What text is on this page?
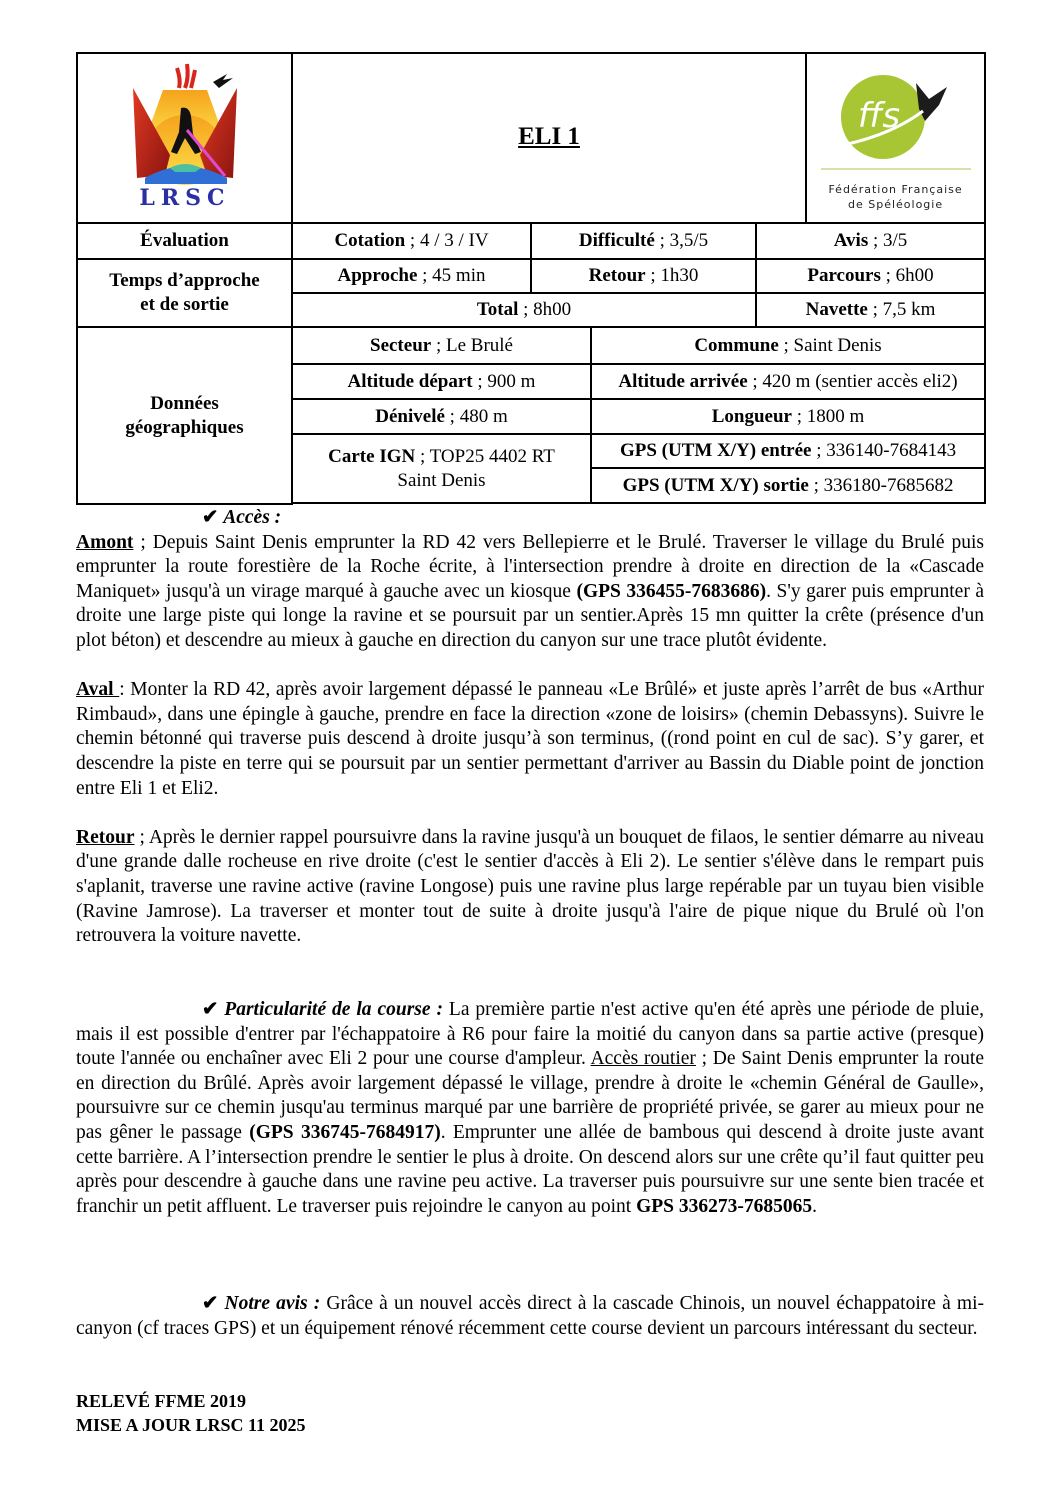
LRSC	ELI 1				ffs
Fédération Française
de Spéléologie

Évaluation	Cotation ; 4 / 3 / IV	Difficulté ; 3,5/5		Avis ; 3/5	

Temps d’approche
et de sortie	Approche ; 45 min	Retour ; 1h30		Parcours ; 6h00	
	Total ; 8h00			Navette ; 7,5 km	

Données
géographiques	Secteur ; Le Brulé		Commune ; Saint Denis		
	Altitude départ ; 900 m		Altitude arrivée ; 420 m (sentier accès eli2)		
	Dénivelé ; 480 m		Longueur ; 1800 m		

	Carte IGN ; TOP25 4402 RT
Saint Denis		GPS (UTM X/Y) entrée ; 336140-7684143		
			GPS (UTM X/Y) sortie ; 336180-7685682		

✔ Accès :

Amont ; Depuis Saint Denis emprunter la RD 42 vers Bellepierre et le Brulé. Traverser le village du Brulé puis emprunter la route forestière de la Roche écrite, à l'intersection prendre à droite en direction de la «Cascade Maniquet» jusqu'à un virage marqué à gauche avec un kiosque (GPS 336455-7683686). S'y garer puis emprunter à droite une large piste qui longe la ravine et se poursuit par un sentier.Après 15 mn quitter la crête (présence d'un plot béton) et descendre au mieux à gauche en direction du canyon sur une trace plutôt évidente.

Aval : Monter la RD 42, après avoir largement dépassé le panneau «Le Brûlé» et juste après l’arrêt de bus «Arthur Rimbaud», dans une épingle à gauche, prendre en face la direction «zone de loisirs» (chemin Debassyns). Suivre le chemin bétonné qui traverse puis descend à droite jusqu’à son terminus, ((rond point en cul de sac). S’y garer, et descendre la piste en terre qui se poursuit par un sentier permettant d'arriver au Bassin du Diable point de jonction entre Eli 1 et Eli2.

Retour ; Après le dernier rappel poursuivre dans la ravine jusqu'à un bouquet de filaos, le sentier démarre au niveau d'une grande dalle rocheuse en rive droite (c'est le sentier d'accès à Eli 2). Le sentier s'élève dans le rempart puis s'aplanit, traverse une ravine active (ravine Longose) puis une ravine plus large repérable par un tuyau bien visible (Ravine Jamrose). La traverser et monter tout de suite à droite jusqu'à l'aire de pique nique du Brulé où l'on retrouvera la voiture navette.

✔ Particularité de la course : La première partie n'est active qu'en été après une période de pluie, mais il est possible d'entrer par l'échappatoire à R6 pour faire la moitié du canyon dans sa partie active (presque) toute l'année ou enchaîner avec Eli 2 pour une course d'ampleur. Accès routier ; De Saint Denis emprunter la route en direction du Brûlé. Après avoir largement dépassé le village, prendre à droite le «chemin Général de Gaulle», poursuivre sur ce chemin jusqu'au terminus marqué par une barrière de propriété privée, se garer au mieux pour ne pas gêner le passage (GPS 336745-7684917). Emprunter une allée de bambous qui descend à droite juste avant cette barrière. A l’intersection prendre le sentier le plus à droite. On descend alors sur une crête qu’il faut quitter peu après pour descendre à gauche dans une ravine peu active. La traverser puis poursuivre sur une sente bien tracée et franchir un petit affluent. Le traverser puis rejoindre le canyon au point GPS 336273-7685065.

✔ Notre avis : Grâce à un nouvel accès direct à la cascade Chinois, un nouvel échappatoire à mi-canyon (cf traces GPS) et un équipement rénové récemment cette course devient un parcours intéressant du secteur.

RELEVÉ FFME 2019
MISE A JOUR LRSC 11 2025
